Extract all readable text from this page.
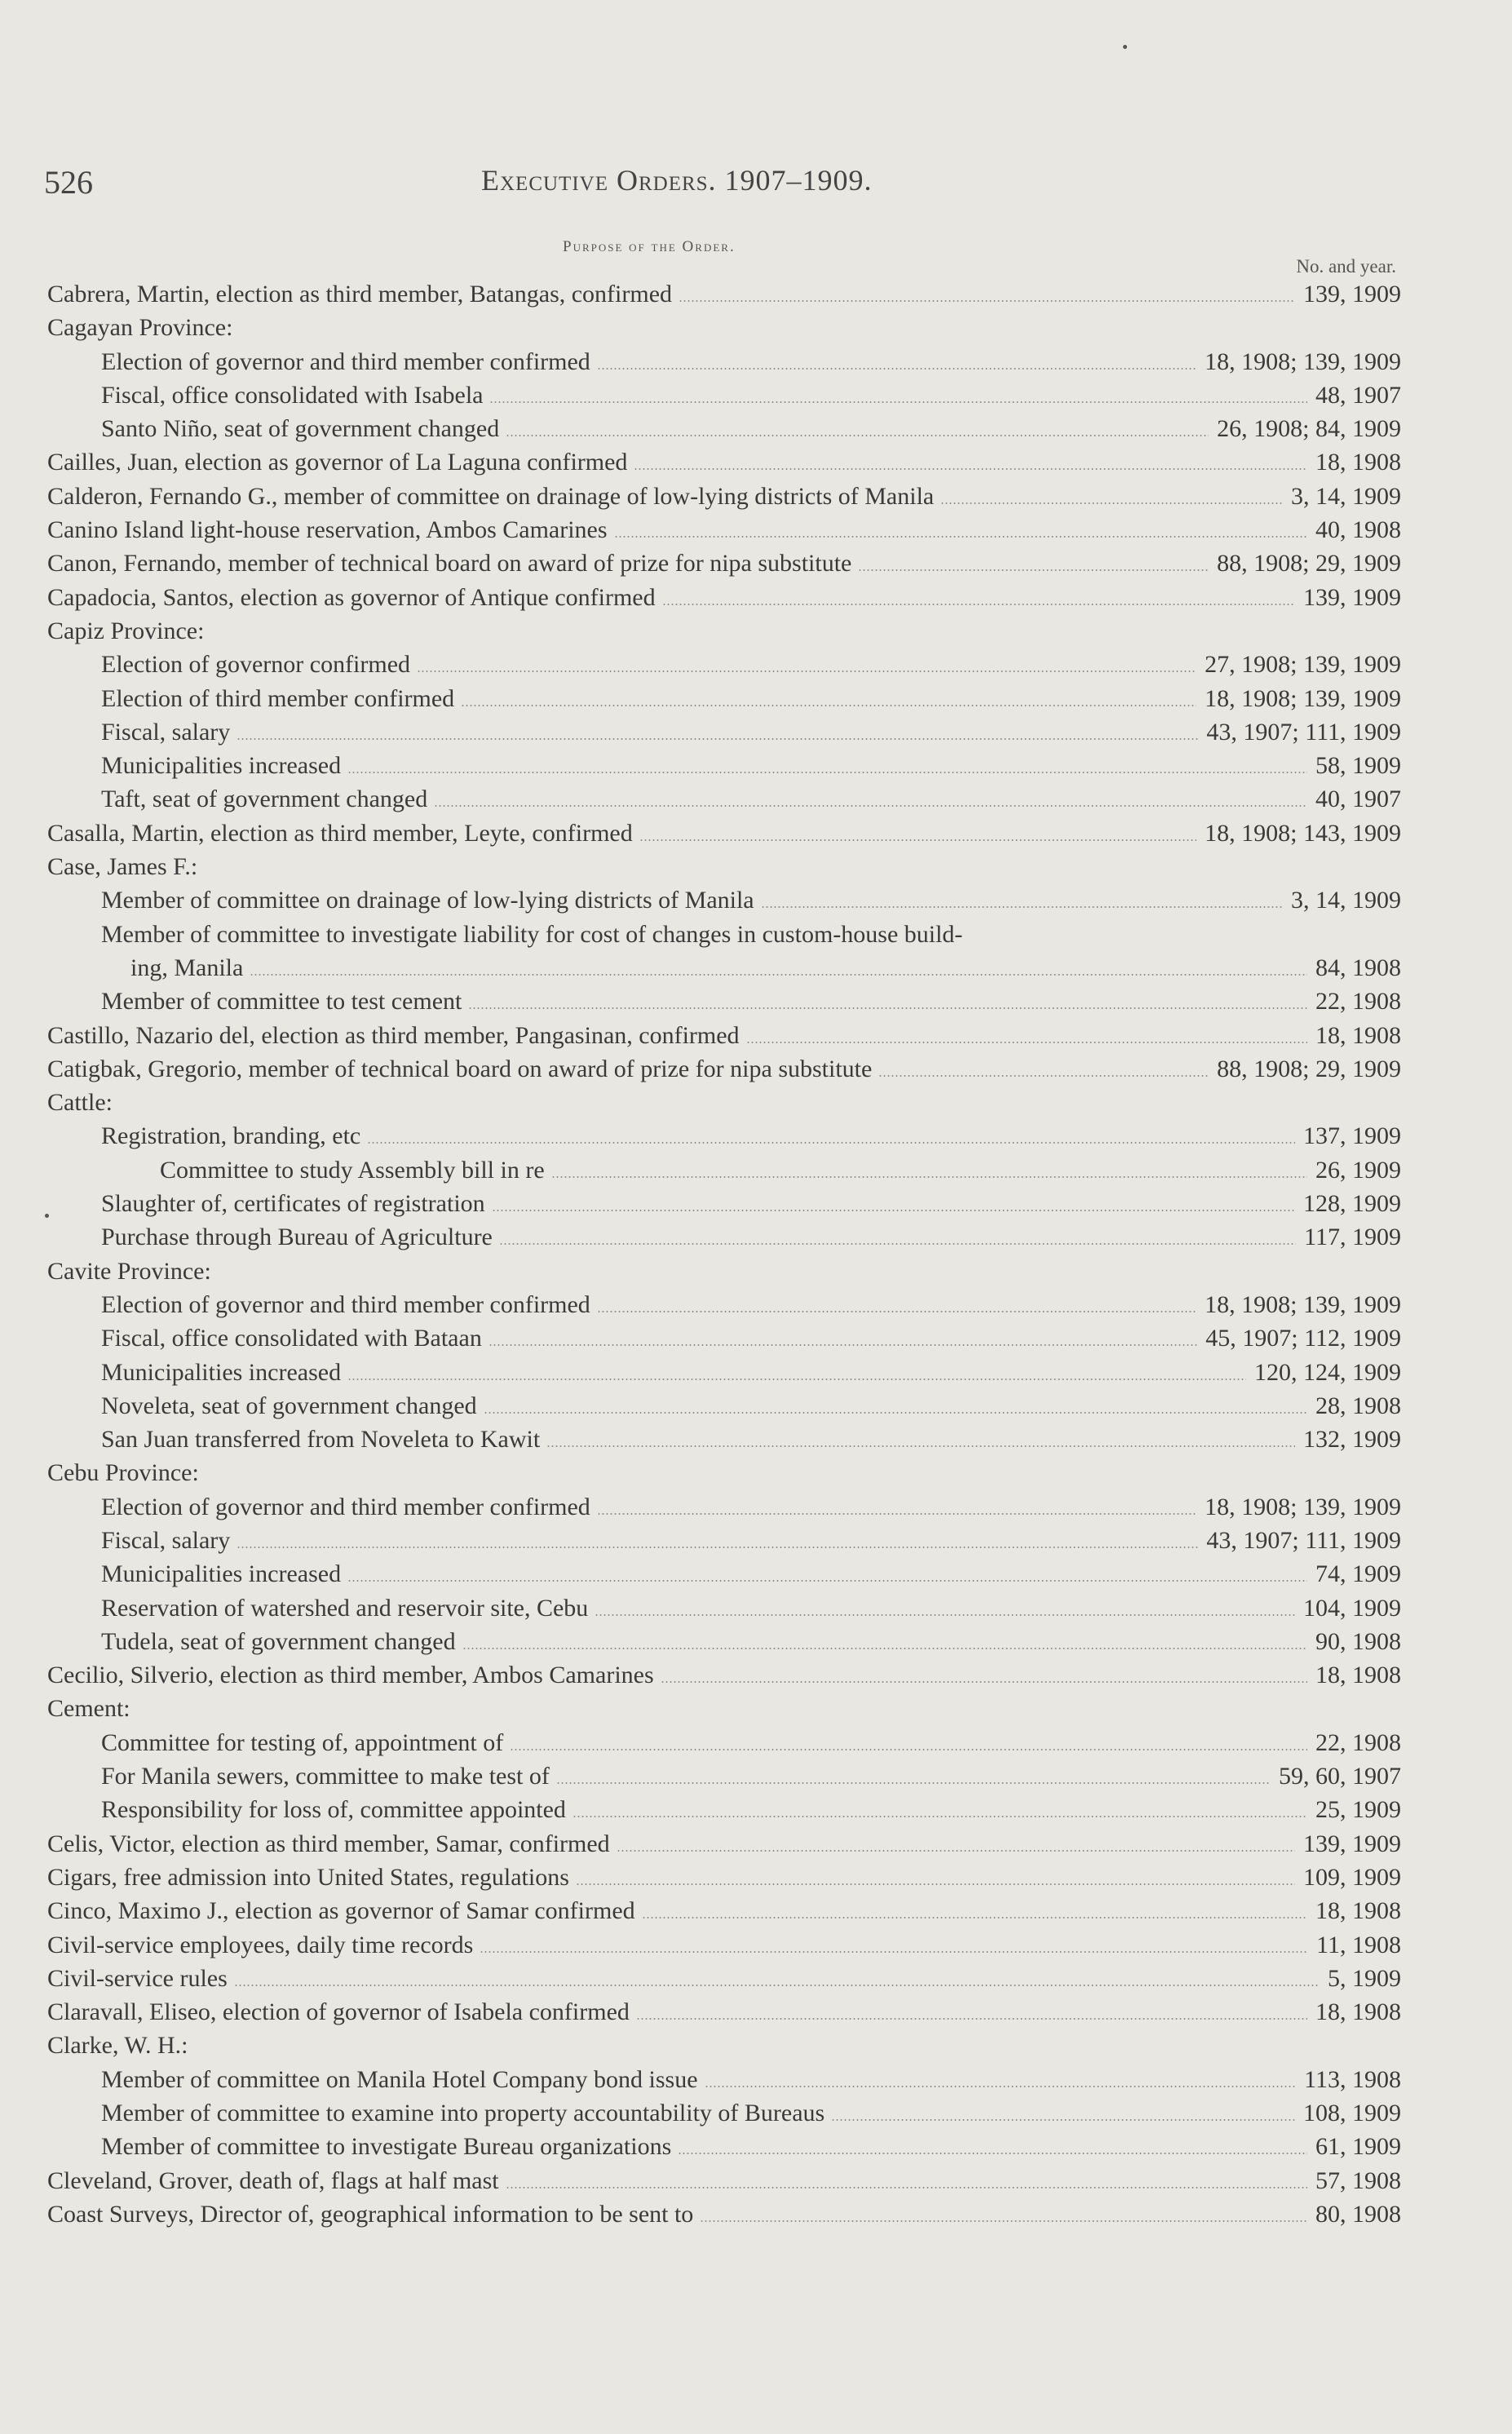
526	Executive Orders. 1907–1909.
Purpose of the Order.
No. and year.
Cabrera, Martin, election as third member, Batangas, confirmed	139, 1909
Cagayan Province:
Election of governor and third member confirmed	18, 1908; 139, 1909
Fiscal, office consolidated with Isabela	48, 1907
Santo Niño, seat of government changed	26, 1908; 84, 1909
Cailles, Juan, election as governor of La Laguna confirmed	18, 1908
Calderon, Fernando G., member of committee on drainage of low-lying districts of Manila	3, 14, 1909
Canino Island light-house reservation, Ambos Camarines	40, 1908
Canon, Fernando, member of technical board on award of prize for nipa substitute	88, 1908; 29, 1909
Capadocia, Santos, election as governor of Antique confirmed	139, 1909
Capiz Province:
Election of governor confirmed	27, 1908; 139, 1909
Election of third member confirmed	18, 1908; 139, 1909
Fiscal, salary	43, 1907; 111, 1909
Municipalities increased	58, 1909
Taft, seat of government changed	40, 1907
Casalla, Martin, election as third member, Leyte, confirmed	18, 1908; 143, 1909
Case, James F.:
Member of committee on drainage of low-lying districts of Manila	3, 14, 1909
Member of committee to investigate liability for cost of changes in custom-house build-
ing, Manila	84, 1908
Member of committee to test cement	22, 1908
Castillo, Nazario del, election as third member, Pangasinan, confirmed	18, 1908
Catigbak, Gregorio, member of technical board on award of prize for nipa substitute	88, 1908; 29, 1909
Cattle:
Registration, branding, etc	137, 1909
Committee to study Assembly bill in re	26, 1909
Slaughter of, certificates of registration	128, 1909
Purchase through Bureau of Agriculture	117, 1909
Cavite Province:
Election of governor and third member confirmed	18, 1908; 139, 1909
Fiscal, office consolidated with Bataan	45, 1907; 112, 1909
Municipalities increased	120, 124, 1909
Noveleta, seat of government changed	28, 1908
San Juan transferred from Noveleta to Kawit	132, 1909
Cebu Province:
Election of governor and third member confirmed	18, 1908; 139, 1909
Fiscal, salary	43, 1907; 111, 1909
Municipalities increased	74, 1909
Reservation of watershed and reservoir site, Cebu	104, 1909
Tudela, seat of government changed	90, 1908
Cecilio, Silverio, election as third member, Ambos Camarines	18, 1908
Cement:
Committee for testing of, appointment of	22, 1908
For Manila sewers, committee to make test of	59, 60, 1907
Responsibility for loss of, committee appointed	25, 1909
Celis, Victor, election as third member, Samar, confirmed	139, 1909
Cigars, free admission into United States, regulations	109, 1909
Cinco, Maximo J., election as governor of Samar confirmed	18, 1908
Civil-service employees, daily time records	11, 1908
Civil-service rules	5, 1909
Claravall, Eliseo, election of governor of Isabela confirmed	18, 1908
Clarke, W. H.:
Member of committee on Manila Hotel Company bond issue	113, 1908
Member of committee to examine into property accountability of Bureaus	108, 1909
Member of committee to investigate Bureau organizations	61, 1909
Cleveland, Grover, death of, flags at half mast	57, 1908
Coast Surveys, Director of, geographical information to be sent to	80, 1908
